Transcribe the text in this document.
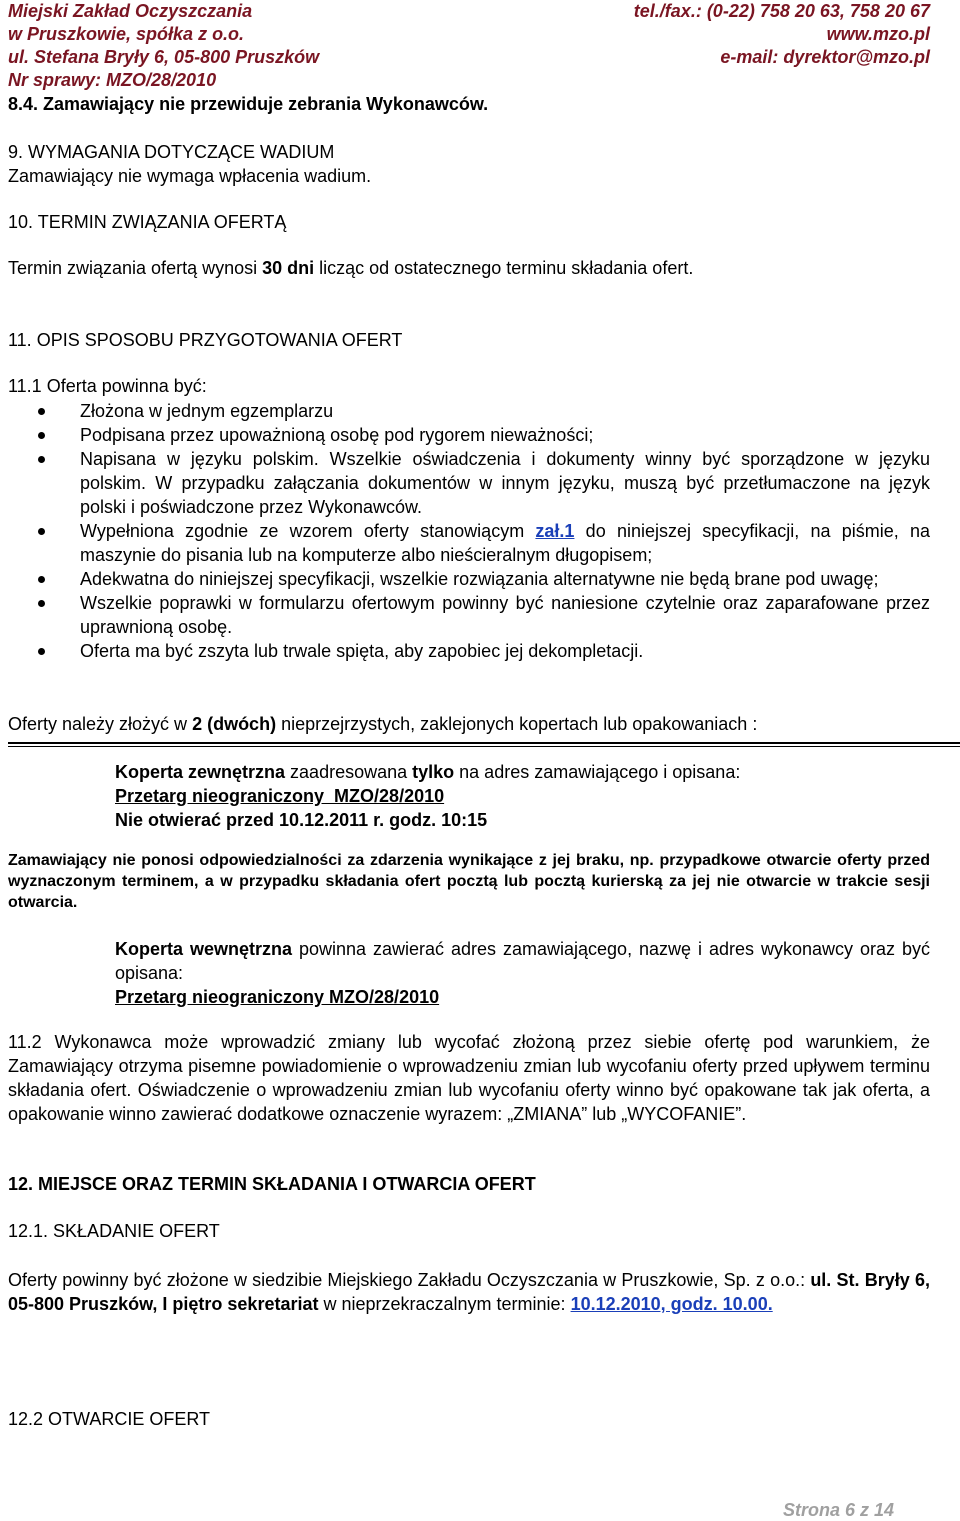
Miejski Zakład Oczyszczania	tel./fax.: (0-22) 758 20 63, 758 20 67
w Pruszkowie, spółka z o.o.	www.mzo.pl
ul. Stefana Bryły 6, 05-800 Pruszków	e-mail: dyrektor@mzo.pl
Nr sprawy: MZO/28/2010
8.4. Zamawiający nie przewiduje zebrania Wykonawców.
9. WYMAGANIA DOTYCZĄCE WADIUM
Zamawiający nie wymaga wpłacenia wadium.
10. TERMIN ZWIĄZANIA OFERTĄ
Termin związania ofertą wynosi 30 dni licząc od ostatecznego terminu składania ofert.
11. OPIS SPOSOBU PRZYGOTOWANIA OFERT
11.1 Oferta powinna być:
Złożona w jednym egzemplarzu
Podpisana przez upoważnioną osobę pod rygorem nieważności;
Napisana w języku polskim. Wszelkie oświadczenia i dokumenty winny być sporządzone w języku polskim. W przypadku załączania dokumentów w innym języku, muszą być przetłumaczone na język polski i poświadczone przez Wykonawców.
Wypełniona zgodnie ze wzorem oferty stanowiącym zał.1 do niniejszej specyfikacji, na piśmie, na maszynie do pisania lub na komputerze albo nieścieralnym długopisem;
Adekwatna do niniejszej specyfikacji, wszelkie rozwiązania alternatywne nie będą brane pod uwagę;
Wszelkie poprawki w formularzu ofertowym powinny być naniesione czytelnie oraz zaparafowane przez uprawnioną osobę.
Oferta ma być zszyta lub trwale spięta, aby zapobiec jej dekompletacji.
Oferty należy złożyć w 2 (dwóch) nieprzejrzystych, zaklejonych kopertach lub opakowaniach :
Koperta zewnętrzna zaadresowana tylko na adres zamawiającego i opisana:
Przetarg nieograniczony  MZO/28/2010
Nie otwierać przed 10.12.2011 r. godz. 10:15
Zamawiający nie ponosi odpowiedzialności za zdarzenia wynikające z jej braku, np. przypadkowe otwarcie oferty przed wyznaczonym terminem, a w przypadku składania ofert pocztą lub pocztą kurierską za jej nie otwarcie w trakcie sesji otwarcia.
Koperta wewnętrzna powinna zawierać adres zamawiającego, nazwę i adres wykonawcy oraz być opisana:
Przetarg nieograniczony MZO/28/2010
11.2 Wykonawca może wprowadzić zmiany lub wycofać złożoną przez siebie ofertę pod warunkiem, że Zamawiający otrzyma pisemne powiadomienie o wprowadzeniu zmian lub wycofaniu oferty przed upływem terminu składania ofert. Oświadczenie o wprowadzeniu zmian lub wycofaniu oferty winno być opakowane tak jak oferta, a opakowanie winno zawierać dodatkowe oznaczenie wyrazem: „ZMIANA” lub „WYCOFANIE”.
12. MIEJSCE ORAZ TERMIN SKŁADANIA I OTWARCIA OFERT
12.1. SKŁADANIE OFERT
Oferty powinny być złożone w siedzibie Miejskiego Zakładu Oczyszczania w Pruszkowie, Sp. z o.o.: ul. St. Bryły 6, 05-800 Pruszków, I piętro sekretariat w nieprzekraczalnym terminie: 10.12.2010, godz. 10.00.
12.2 OTWARCIE OFERT
Strona 6 z 14
